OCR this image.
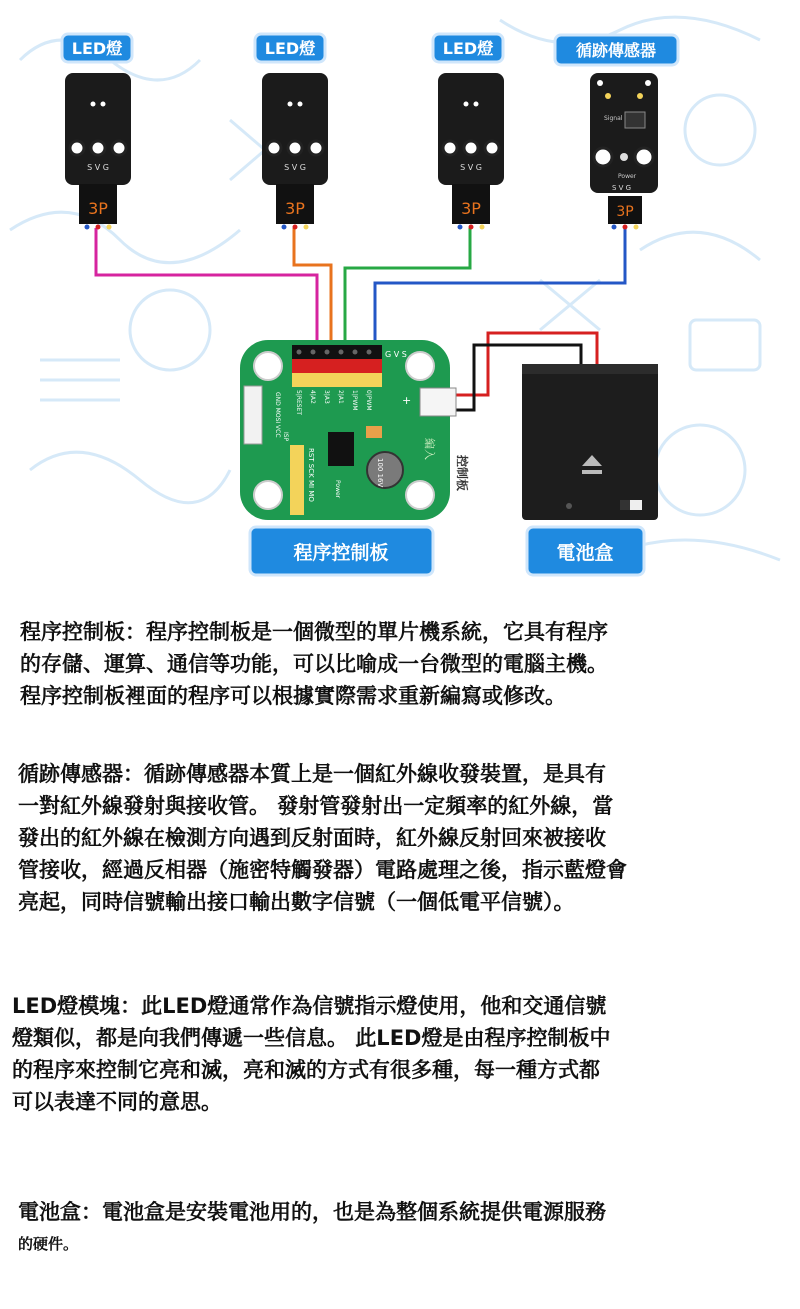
LED燈	LED燈	LED燈	循跡傳感器
S V G
3P
S V G
3P
S V G
3P
Signal
Power
S V G
3P
G V S
5|RESET 4|A2 3|A3 2|A1 1|PWM 0|PWM
GND MOSI VCC ISP
RST SCK MI MO	Power
100 16V
+
編入
控制板
程序控制板	電池盒
程序控制板：程序控制板是一個微型的單片機系統，它具有程序
的存儲、運算、通信等功能，可以比喻成一台微型的電腦主機。
程序控制板裡面的程序可以根據實際需求重新編寫或修改。
循跡傳感器：循跡傳感器本質上是一個紅外線收發裝置，是具有
一對紅外線發射與接收管。 發射管發射出一定頻率的紅外線，當
發出的紅外線在檢測方向遇到反射面時，紅外線反射回來被接收
管接收，經過反相器（施密特觸發器）電路處理之後，指示藍燈會
亮起，同時信號輸出接口輸出數字信號（一個低電平信號）。
LED燈模塊：此LED燈通常作為信號指示燈使用，他和交通信號
燈類似，都是向我們傳遞一些信息。 此LED燈是由程序控制板中
的程序來控制它亮和滅，亮和滅的方式有很多種，每一種方式都
可以表達不同的意思。
電池盒：電池盒是安裝電池用的，也是為整個系統提供電源服務
的硬件。
